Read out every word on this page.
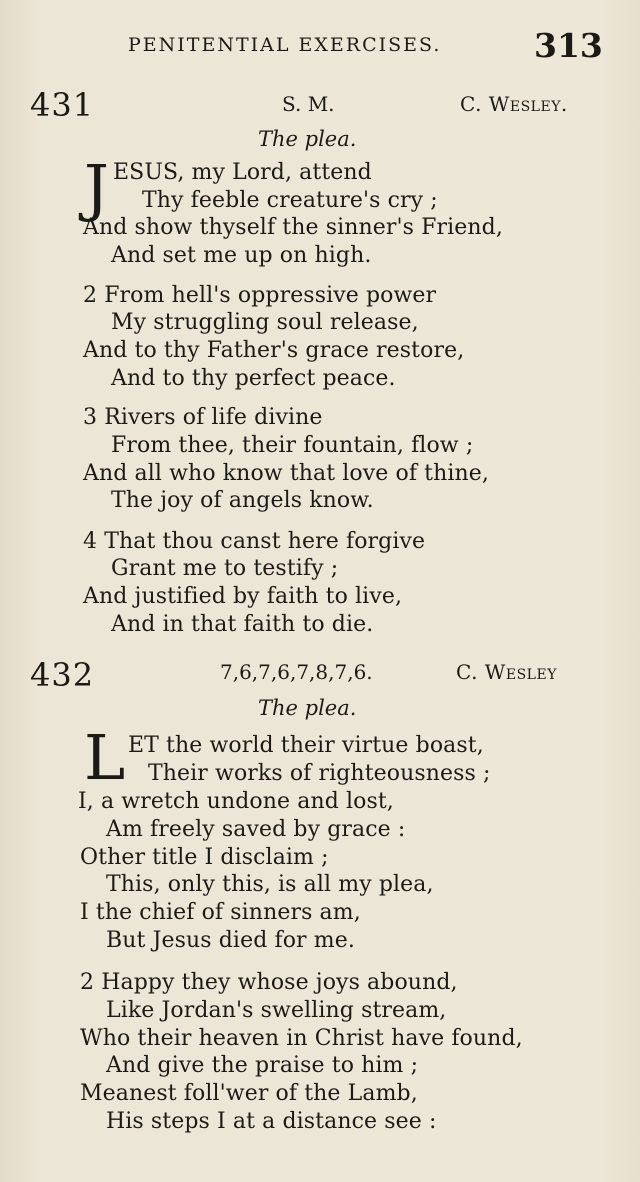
PENITENTIAL EXERCISES.	313
431	S. M.	C. Wesley.
The plea.
J ESUS, my Lord, attend
Thy feeble creature's cry ;
And show thyself the sinner's Friend,
And set me up on high.
2 From hell's oppressive power
My struggling soul release,
And to thy Father's grace restore,
And to thy perfect peace.
3 Rivers of life divine
From thee, their fountain, flow ;
And all who know that love of thine,
The joy of angels know.
4 That thou canst here forgive
Grant me to testify ;
And justified by faith to live,
And in that faith to die.
432	7,6,7,6,7,8,7,6.	C. Wesley
The plea.
L ET the world their virtue boast,
Their works of righteousness ;
I, a wretch undone and lost,
Am freely saved by grace :
Other title I disclaim ;
This, only this, is all my plea,
I the chief of sinners am,
But Jesus died for me.
2 Happy they whose joys abound,
Like Jordan's swelling stream,
Who their heaven in Christ have found,
And give the praise to him ;
Meanest foll'wer of the Lamb,
His steps I at a distance see :
